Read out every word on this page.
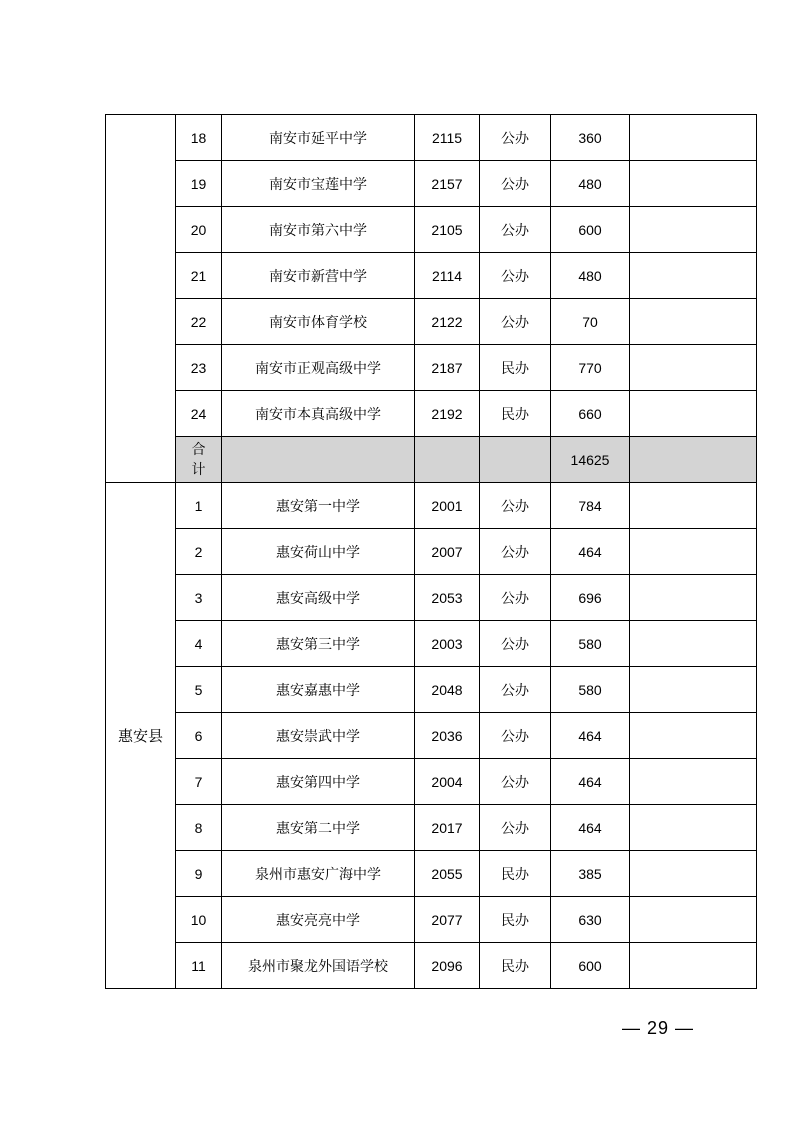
	18	南安市延平中学	2115	公办	360	
	19	南安市宝莲中学	2157	公办	480	
	20	南安市第六中学	2105	公办	600	
	21	南安市新营中学	2114	公办	480	
	22	南安市体育学校	2122	公办	70	
	23	南安市正观高级中学	2187	民办	770	
	24	南安市本真高级中学	2192	民办	660	
	合计				14625	
惠安县	1	惠安第一中学	2001	公办	784	
	2	惠安荷山中学	2007	公办	464	
	3	惠安高级中学	2053	公办	696	
	4	惠安第三中学	2003	公办	580	
	5	惠安嘉惠中学	2048	公办	580	
	6	惠安崇武中学	2036	公办	464	
	7	惠安第四中学	2004	公办	464	
	8	惠安第二中学	2017	公办	464	
	9	泉州市惠安广海中学	2055	民办	385	
	10	惠安亮亮中学	2077	民办	630	
	11	泉州市聚龙外国语学校	2096	民办	600	
— 29 —
